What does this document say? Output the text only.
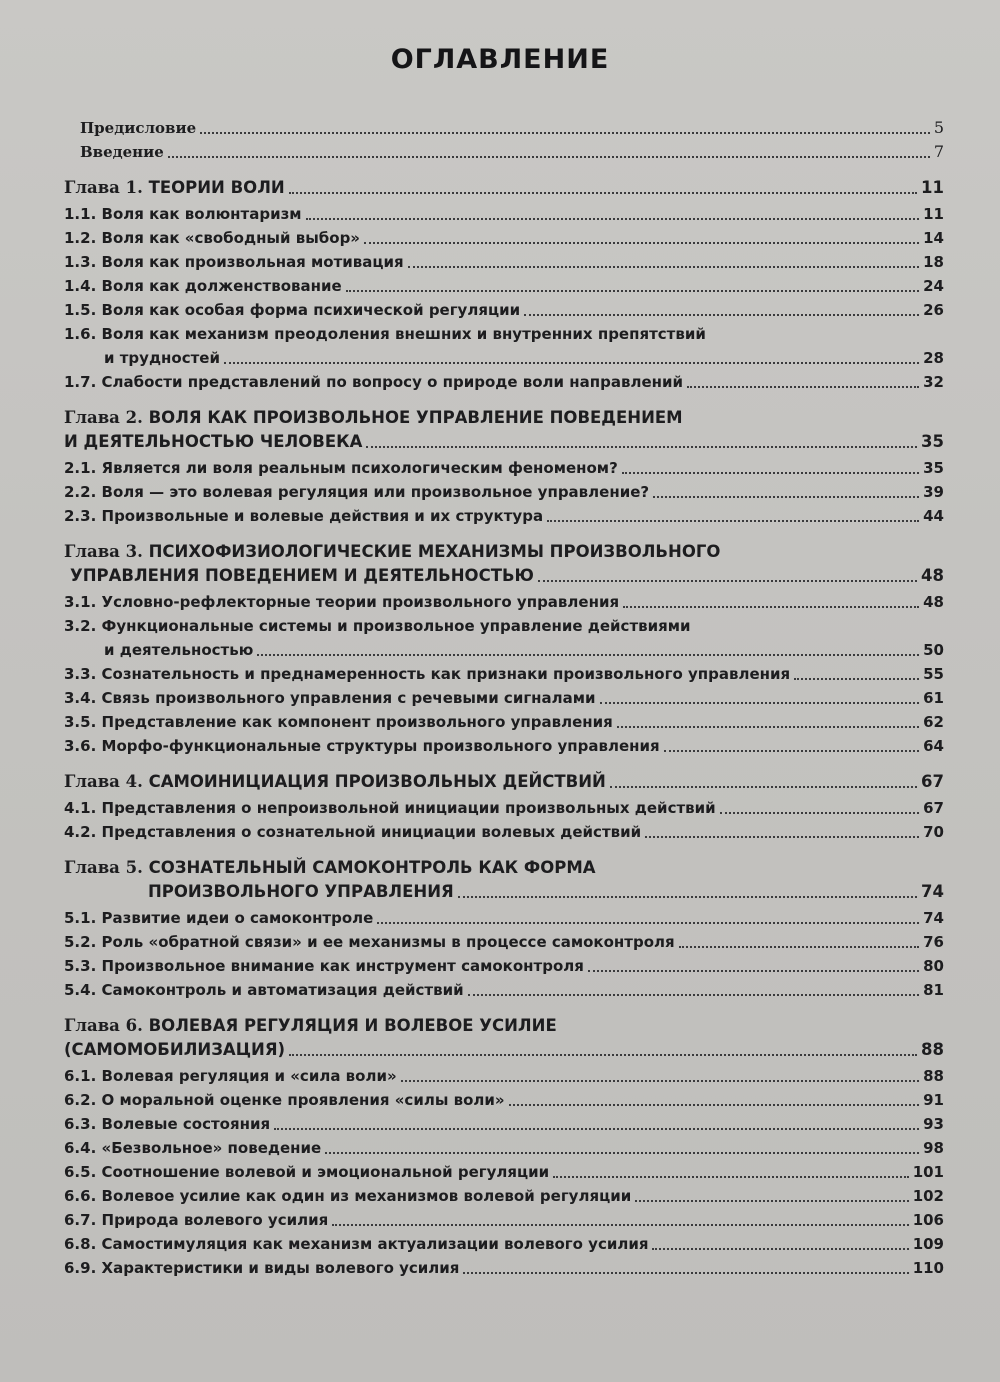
ОГЛАВЛЕНИЕ
Предисловие	5
Введение	7
Глава 1. ТЕОРИИ ВОЛИ	11
1.1. Воля как волюнтаризм	11
1.2. Воля как «свободный выбор»	14
1.3. Воля как произвольная мотивация	18
1.4. Воля как долженствование	24
1.5. Воля как особая форма психической регуляции	26
1.6. Воля как механизм преодоления внешних и внутренних препятствий
и трудностей	28
1.7. Слабости представлений по вопросу о природе воли направлений	32
Глава 2. ВОЛЯ КАК ПРОИЗВОЛЬНОЕ УПРАВЛЕНИЕ ПОВЕДЕНИЕМ
И ДЕЯТЕЛЬНОСТЬЮ ЧЕЛОВЕКА	35
2.1. Является ли воля реальным психологическим феноменом?	35
2.2. Воля — это волевая регуляция или произвольное управление?	39
2.3. Произвольные и волевые действия и их структура	44
Глава 3. ПСИХОФИЗИОЛОГИЧЕСКИЕ МЕХАНИЗМЫ ПРОИЗВОЛЬНОГО
УПРАВЛЕНИЯ ПОВЕДЕНИЕМ И ДЕЯТЕЛЬНОСТЬЮ	48
3.1. Условно-рефлекторные теории произвольного управления	48
3.2. Функциональные системы и произвольное управление действиями
и деятельностью	50
3.3. Сознательность и преднамеренность как признаки произвольного управления	55
3.4. Связь произвольного управления с речевыми сигналами	61
3.5. Представление как компонент произвольного управления	62
3.6. Морфо-функциональные структуры произвольного управления	64
Глава 4. САМОИНИЦИАЦИЯ ПРОИЗВОЛЬНЫХ ДЕЙСТВИЙ	67
4.1. Представления о непроизвольной инициации произвольных действий	67
4.2. Представления о сознательной инициации волевых действий	70
Глава 5. СОЗНАТЕЛЬНЫЙ САМОКОНТРОЛЬ КАК ФОРМА
ПРОИЗВОЛЬНОГО УПРАВЛЕНИЯ	74
5.1. Развитие идеи о самоконтроле	74
5.2. Роль «обратной связи» и ее механизмы в процессе самоконтроля	76
5.3. Произвольное внимание как инструмент самоконтроля	80
5.4. Самоконтроль и автоматизация действий	81
Глава 6. ВОЛЕВАЯ РЕГУЛЯЦИЯ И ВОЛЕВОЕ УСИЛИЕ
(САМОМОБИЛИЗАЦИЯ)	88
6.1. Волевая регуляция и «сила воли»	88
6.2. О моральной оценке проявления «силы воли»	91
6.3. Волевые состояния	93
6.4. «Безвольное» поведение	98
6.5. Соотношение волевой и эмоциональной регуляции	101
6.6. Волевое усилие как один из механизмов волевой регуляции	102
6.7. Природа волевого усилия	106
6.8. Самостимуляция как механизм актуализации волевого усилия	109
6.9. Характеристики и виды волевого усилия	110
